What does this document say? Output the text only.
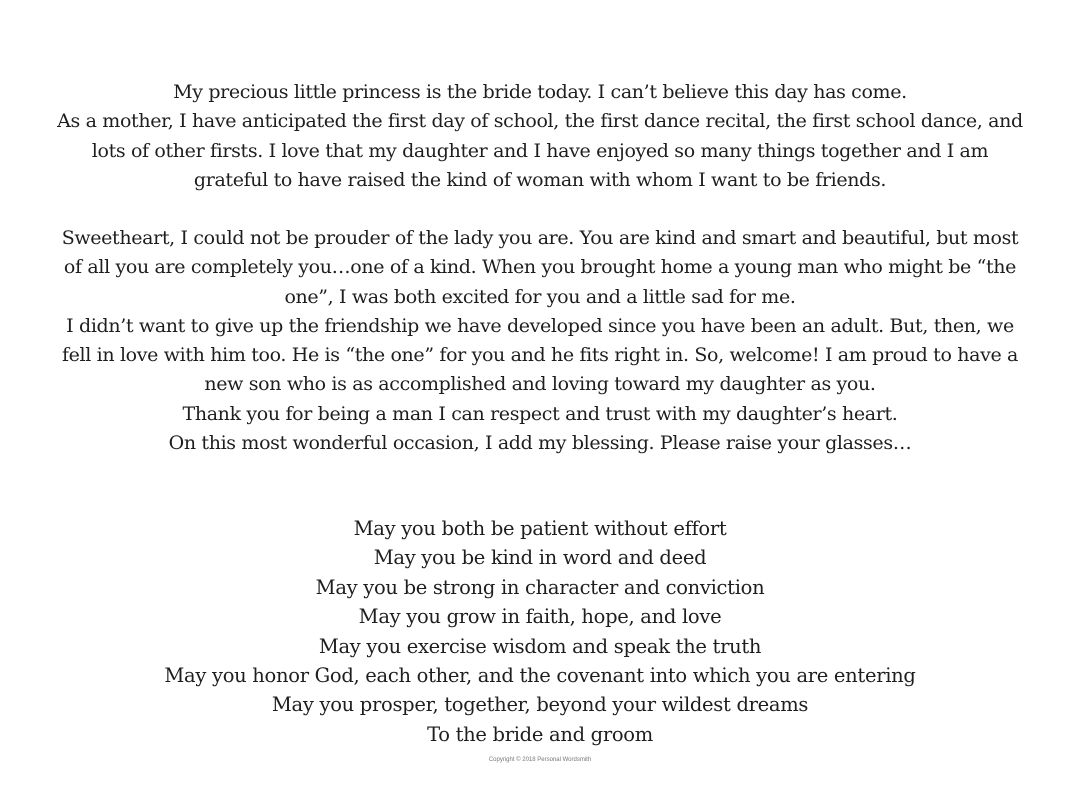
My precious little princess is the bride today. I can’t believe this day has come.
As a mother, I have anticipated the first day of school, the first dance recital, the first school dance, and
lots of other firsts. I love that my daughter and I have enjoyed so many things together and I am
grateful to have raised the kind of woman with whom I want to be friends.
Sweetheart, I could not be prouder of the lady you are. You are kind and smart and beautiful, but most
of all you are completely you…one of a kind. When you brought home a young man who might be “the
one”, I was both excited for you and a little sad for me.
I didn’t want to give up the friendship we have developed since you have been an adult. But, then, we
fell in love with him too. He is “the one” for you and he fits right in. So, welcome! I am proud to have a
new son who is as accomplished and loving toward my daughter as you.
Thank you for being a man I can respect and trust with my daughter’s heart.
On this most wonderful occasion, I add my blessing. Please raise your glasses…
May you both be patient without effort
May you be kind in word and deed
May you be strong in character and conviction
May you grow in faith, hope, and love
May you exercise wisdom and speak the truth
May you honor God, each other, and the covenant into which you are entering
May you prosper, together, beyond your wildest dreams
To the bride and groom
Copyright © 2018 Personal Wordsmith
